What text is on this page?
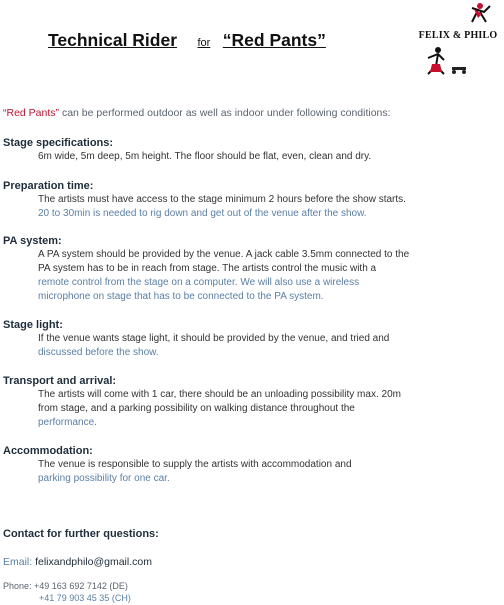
Technical Rider for “Red Pants”	FELIX & PHILO
“Red Pants” can be performed outdoor as well as indoor under following conditions:

Stage specifications:

6m wide, 5m deep, 5m height. The floor should be flat, even, clean and dry.

Preparation time:

The artists must have access to the stage minimum 2 hours before the show starts.
20 to 30min is needed to rig down and get out of the venue after the show.

PA system:

A PA system should be provided by the venue. A jack cable 3.5mm connected to the
PA system has to be in reach from stage. The artists control the music with a
remote control from the stage on a computer. We will also use a wireless
microphone on stage that has to be connected to the PA system.

Stage light:

If the venue wants stage light, it should be provided by the venue, and tried and
discussed before the show.

Transport and arrival:

The artists will come with 1 car, there should be an unloading possibility max. 20m
from stage, and a parking possibility on walking distance throughout the
performance.

Accommodation:

The venue is responsible to supply the artists with accommodation and
parking possibility for one car.

Contact for further questions:
Email: felixandphilo@gmail.com
Phone: +49 163 692 7142 (DE)
+41 79 903 45 35 (CH)
